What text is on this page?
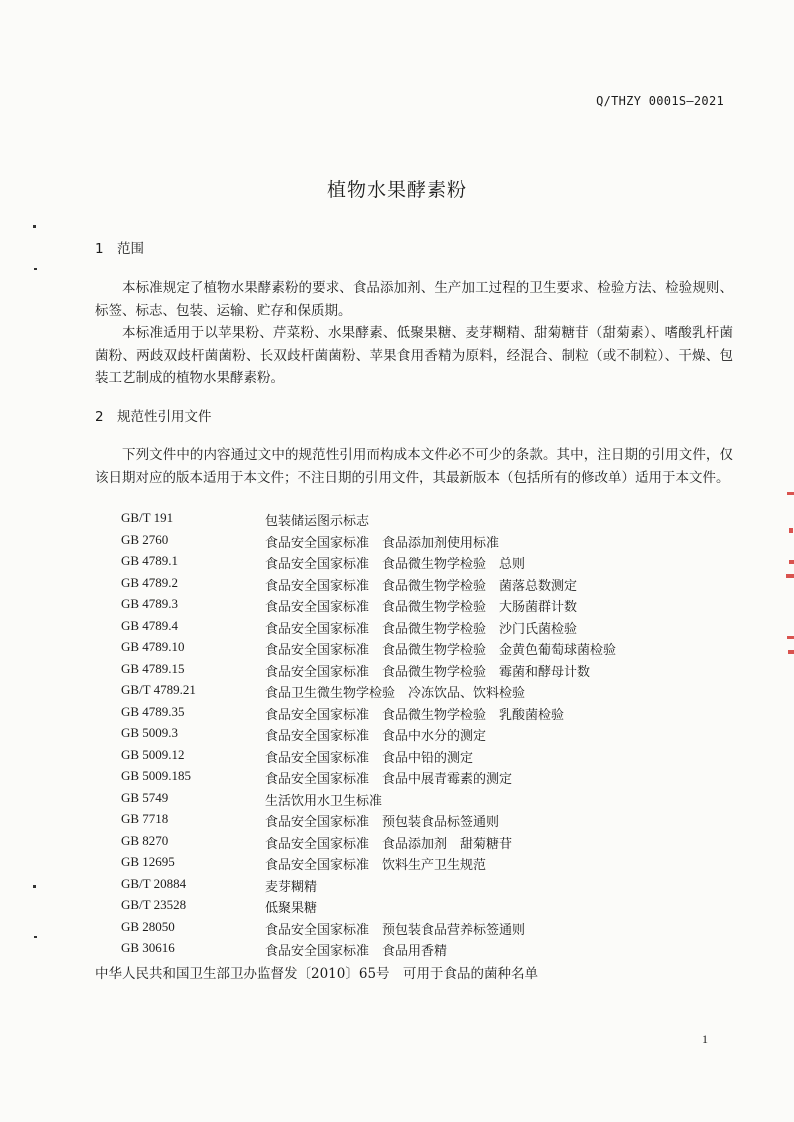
Q/THZY 0001S—2021
植物水果酵素粉
1 范围
本标准规定了植物水果酵素粉的要求、食品添加剂、生产加工过程的卫生要求、检验方法、检验规则、标签、标志、包装、运输、贮存和保质期。
本标准适用于以苹果粉、芹菜粉、水果酵素、低聚果糖、麦芽糊精、甜菊糖苷（甜菊素）、嗜酸乳杆菌菌粉、两歧双歧杆菌菌粉、长双歧杆菌菌粉、苹果食用香精为原料，经混合、制粒（或不制粒）、干燥、包装工艺制成的植物水果酵素粉。
2 规范性引用文件
下列文件中的内容通过文中的规范性引用而构成本文件必不可少的条款。其中，注日期的引用文件，仅该日期对应的版本适用于本文件；不注日期的引用文件，其最新版本（包括所有的修改单）适用于本文件。
GB/T 191	包装储运图示标志
GB 2760	食品安全国家标准　食品添加剂使用标准
GB 4789.1	食品安全国家标准　食品微生物学检验　总则
GB 4789.2	食品安全国家标准　食品微生物学检验　菌落总数测定
GB 4789.3	食品安全国家标准　食品微生物学检验　大肠菌群计数
GB 4789.4	食品安全国家标准　食品微生物学检验　沙门氏菌检验
GB 4789.10	食品安全国家标准　食品微生物学检验　金黄色葡萄球菌检验
GB 4789.15	食品安全国家标准　食品微生物学检验　霉菌和酵母计数
GB/T 4789.21	食品卫生微生物学检验　冷冻饮品、饮料检验
GB 4789.35	食品安全国家标准　食品微生物学检验　乳酸菌检验
GB 5009.3	食品安全国家标准　食品中水分的测定
GB 5009.12	食品安全国家标准　食品中铅的测定
GB 5009.185	食品安全国家标准　食品中展青霉素的测定
GB 5749	生活饮用水卫生标准
GB 7718	食品安全国家标准　预包装食品标签通则
GB 8270	食品安全国家标准　食品添加剂　甜菊糖苷
GB 12695	食品安全国家标准　饮料生产卫生规范
GB/T 20884	麦芽糊精
GB/T 23528	低聚果糖
GB 28050	食品安全国家标准　预包装食品营养标签通则
GB 30616	食品安全国家标准　食品用香精
中华人民共和国卫生部卫办监督发〔2010〕65号　可用于食品的菌种名单
1
